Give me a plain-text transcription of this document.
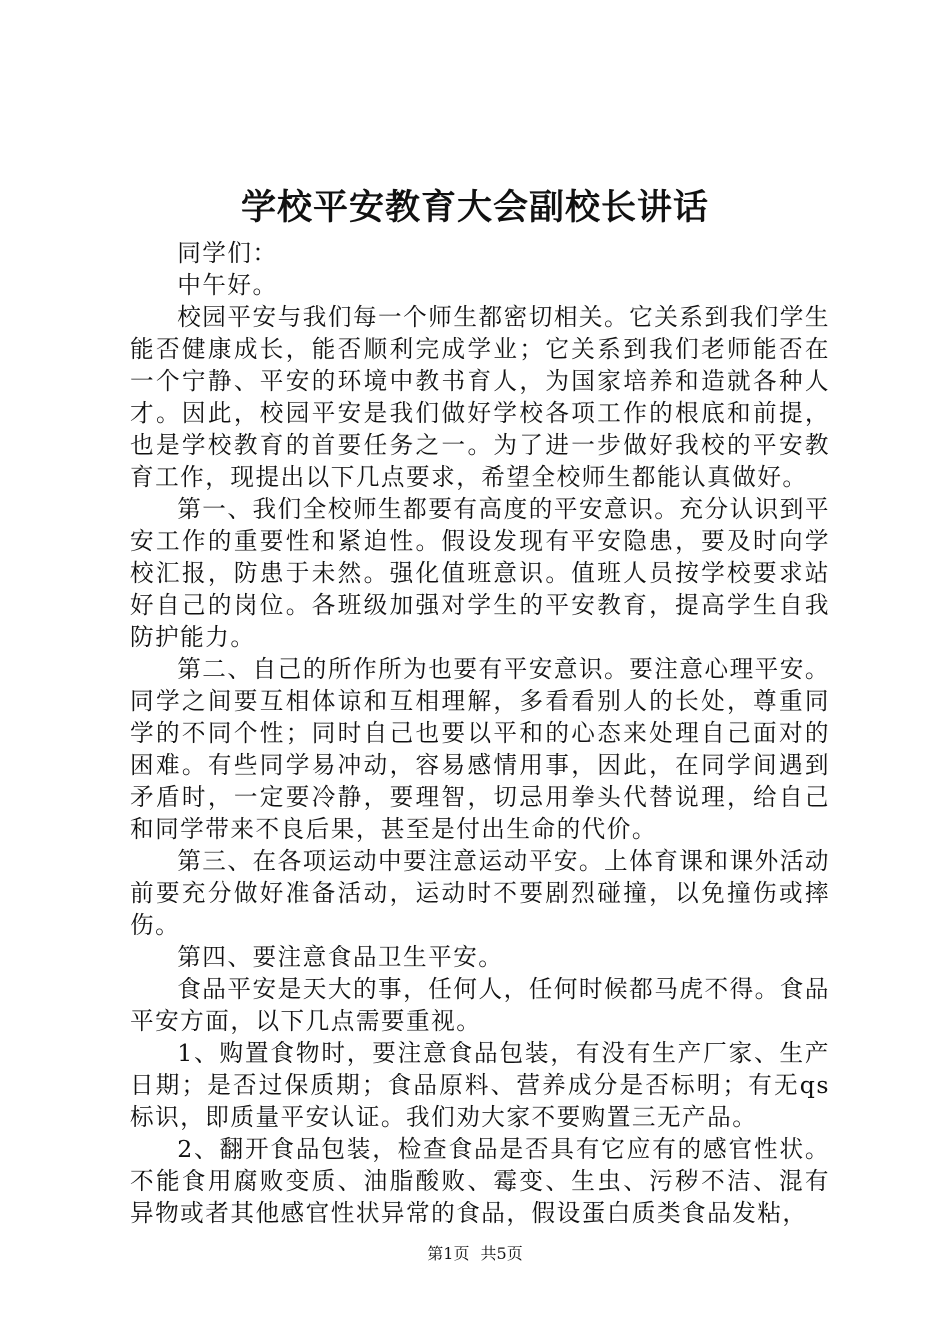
学校平安教育大会副校长讲话

同学们：

中午好。

校园平安与我们每一个师生都密切相关。它关系到我们学生能否健康成长，能否顺利完成学业；它关系到我们老师能否在一个宁静、平安的环境中教书育人，为国家培养和造就各种人才。因此，校园平安是我们做好学校各项工作的根底和前提，也是学校教育的首要任务之一。为了进一步做好我校的平安教育工作，现提出以下几点要求，希望全校师生都能认真做好。

第一、我们全校师生都要有高度的平安意识。充分认识到平安工作的重要性和紧迫性。假设发现有平安隐患，要及时向学校汇报，防患于未然。强化值班意识。值班人员按学校要求站好自己的岗位。各班级加强对学生的平安教育，提高学生自我防护能力。

第二、自己的所作所为也要有平安意识。要注意心理平安。同学之间要互相体谅和互相理解，多看看别人的长处，尊重同学的不同个性；同时自己也要以平和的心态来处理自己面对的困难。有些同学易冲动，容易感情用事，因此，在同学间遇到矛盾时，一定要冷静，要理智，切忌用拳头代替说理，给自己和同学带来不良后果，甚至是付出生命的代价。

第三、在各项运动中要注意运动平安。上体育课和课外活动前要充分做好准备活动，运动时不要剧烈碰撞，以免撞伤或摔伤。

第四、要注意食品卫生平安。

食品平安是天大的事，任何人，任何时候都马虎不得。食品平安方面，以下几点需要重视。

1、购置食物时，要注意食品包装，有没有生产厂家、生产日期；是否过保质期；食品原料、营养成分是否标明；有无qs标识，即质量平安认证。我们劝大家不要购置三无产品。

2、翻开食品包装，检查食品是否具有它应有的感官性状。不能食用腐败变质、油脂酸败、霉变、生虫、污秽不洁、混有异物或者其他感官性状异常的食品，假设蛋白质类食品发粘，

第1页 共5页
